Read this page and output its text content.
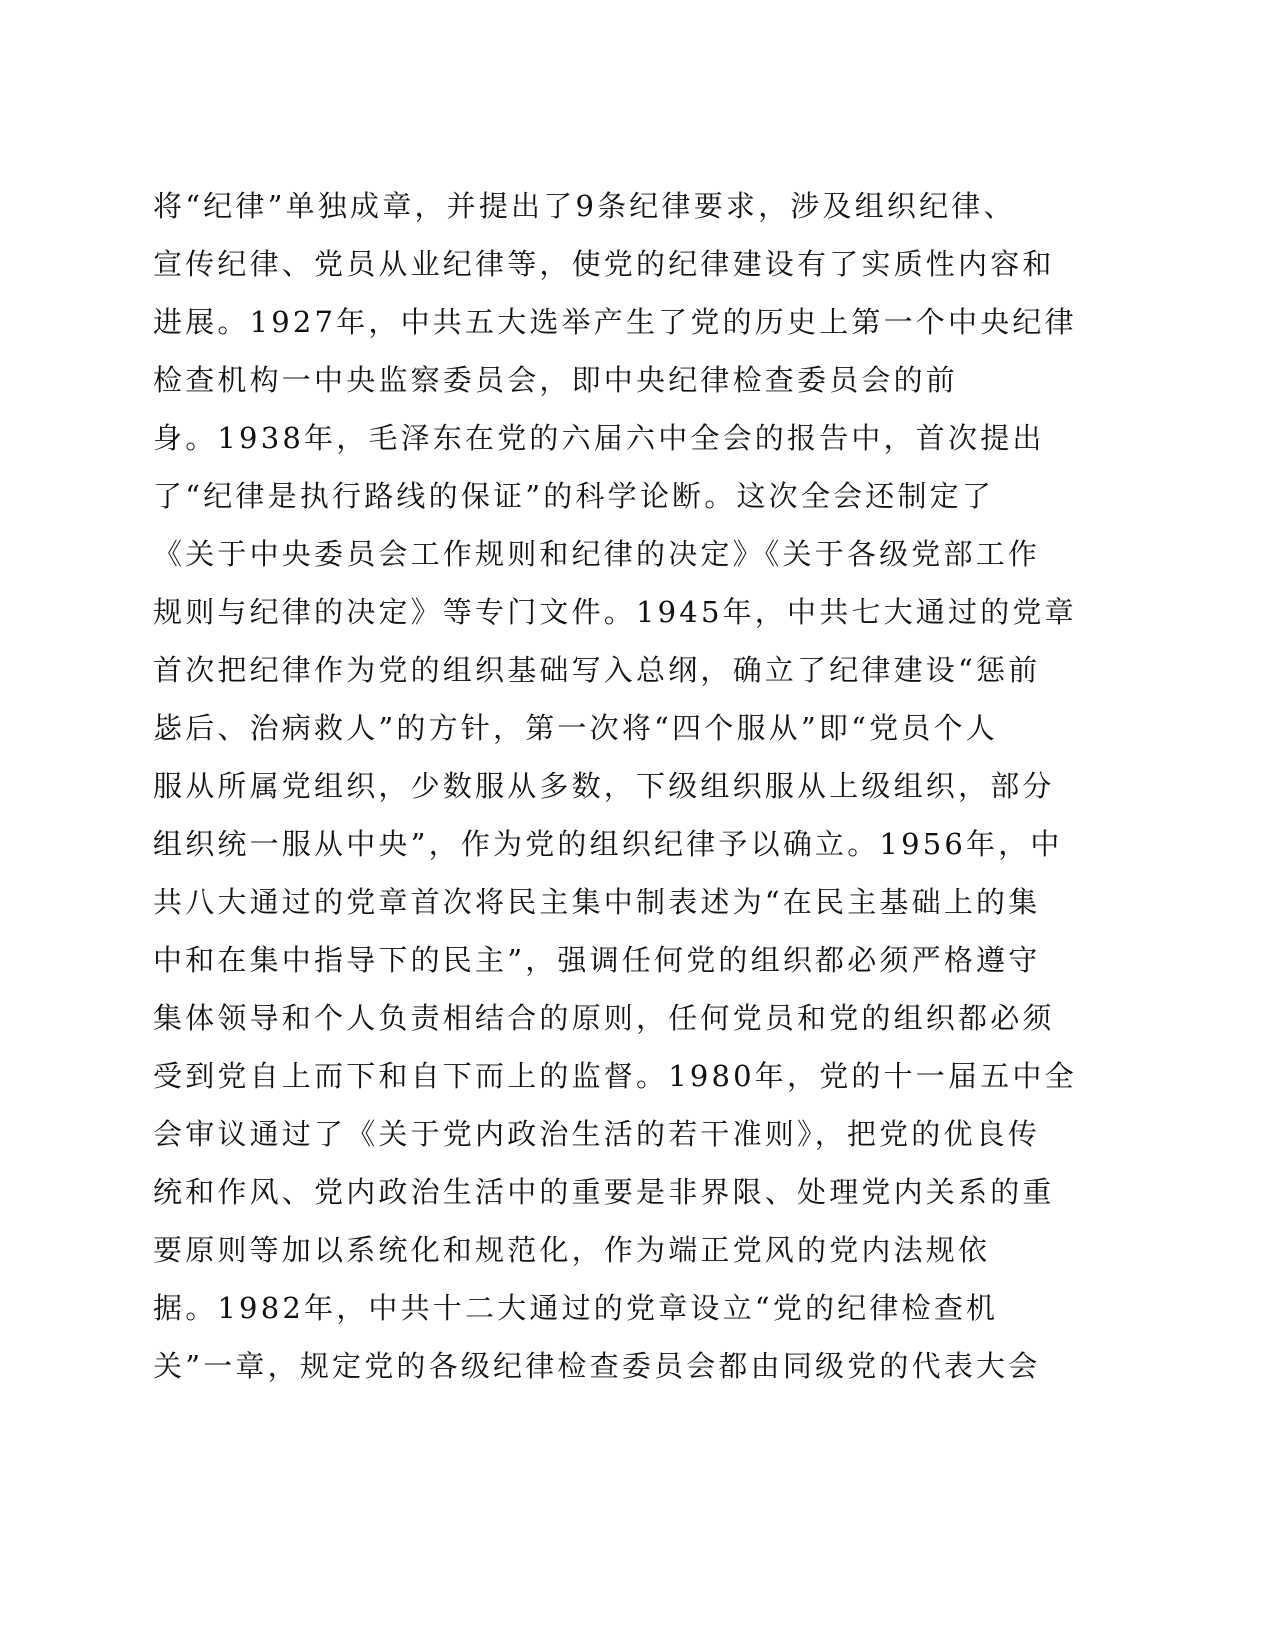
将“纪律”单独成章，并提出了9条纪律要求，涉及组织纪律、
宣传纪律、党员从业纪律等，使党的纪律建设有了实质性内容和
进展。1927年，中共五大选举产生了党的历史上第一个中央纪律
检查机构一中央监察委员会，即中央纪律检查委员会的前
身。1938年，毛泽东在党的六届六中全会的报告中，首次提出
了“纪律是执行路线的保证”的科学论断。这次全会还制定了
《关于中央委员会工作规则和纪律的决定》《关于各级党部工作
规则与纪律的决定》等专门文件。1945年，中共七大通过的党章
首次把纪律作为党的组织基础写入总纲，确立了纪律建设“惩前
毖后、治病救人”的方针，第一次将“四个服从”即“党员个人
服从所属党组织，少数服从多数，下级组织服从上级组织，部分
组织统一服从中央”，作为党的组织纪律予以确立。1956年，中
共八大通过的党章首次将民主集中制表述为“在民主基础上的集
中和在集中指导下的民主”，强调任何党的组织都必须严格遵守
集体领导和个人负责相结合的原则，任何党员和党的组织都必须
受到党自上而下和自下而上的监督。1980年，党的十一届五中全
会审议通过了《关于党内政治生活的若干准则》，把党的优良传
统和作风、党内政治生活中的重要是非界限、处理党内关系的重
要原则等加以系统化和规范化，作为端正党风的党内法规依
据。1982年，中共十二大通过的党章设立“党的纪律检查机
关”一章，规定党的各级纪律检查委员会都由同级党的代表大会
